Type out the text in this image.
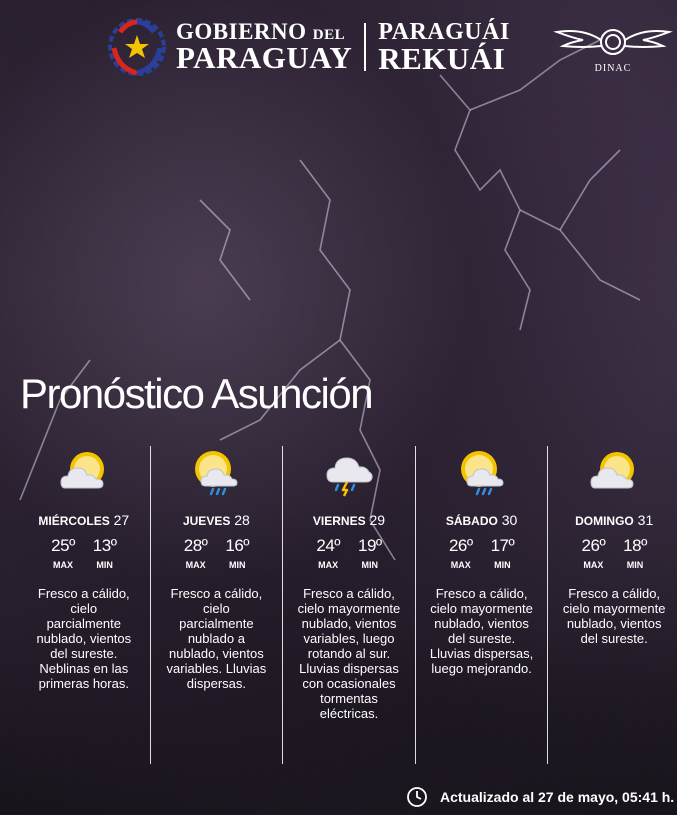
GOBIERNO DEL
PARAGUAY
PARAGUÁI
REKUÁI	DINAC
Pronóstico Asunción
MIÉRCOLES 27
25º
MAX
13º
MIN
Fresco a cálido, cielo parcialmente nublado, vientos del sureste. Neblinas en las primeras horas.
JUEVES 28
28º
MAX
16º
MIN
Fresco a cálido, cielo parcialmente nublado a nublado, vientos variables. Lluvias dispersas.
VIERNES 29
24º
MAX
19º
MIN
Fresco a cálido, cielo mayormente nublado, vientos variables, luego rotando al sur. Lluvias dispersas con ocasionales tormentas eléctricas.
SÁBADO 30
26º
MAX
17º
MIN
Fresco a cálido, cielo mayormente nublado, vientos del sureste. Lluvias dispersas, luego mejorando.
DOMINGO 31
26º
MAX
18º
MIN
Fresco a cálido, cielo mayormente nublado, vientos del sureste.
Actualizado al 27 de mayo, 05:41 h.
